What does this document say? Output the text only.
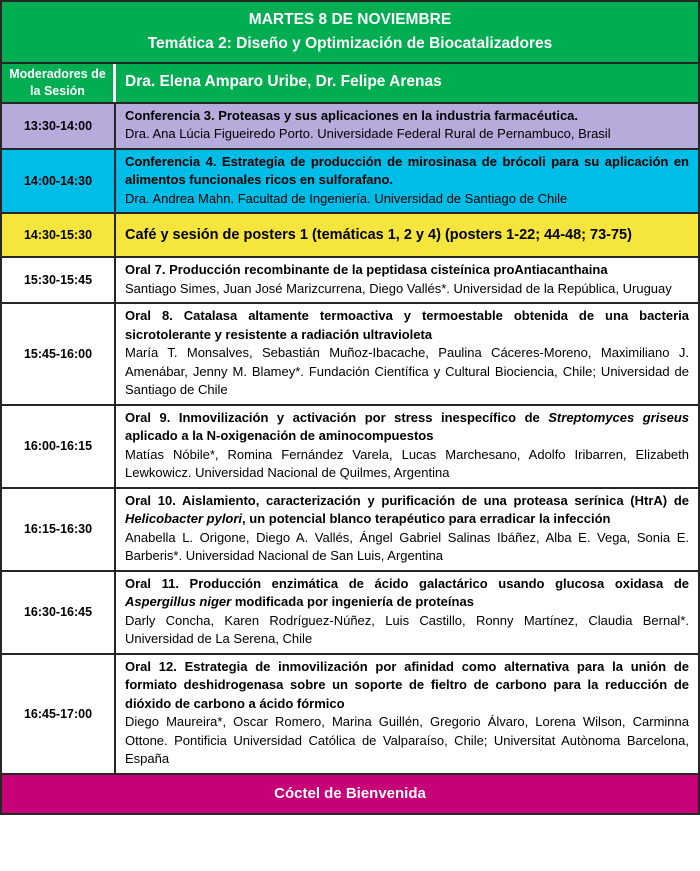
MARTES 8 DE NOVIEMBRE
Temática 2: Diseño y Optimización de Biocatalizadores
Moderadores de la Sesión
Dra. Elena Amparo Uribe, Dr. Felipe Arenas
13:30-14:00
Conferencia 3. Proteasas y sus aplicaciones en la industria farmacéutica.
Dra. Ana Lúcia Figueiredo Porto. Universidade Federal Rural de Pernambuco, Brasil
14:00-14:30
Conferencia 4. Estrategia de producción de mirosinasa de brócoli para su aplicación en alimentos funcionales ricos en sulforafano.
Dra. Andrea Mahn. Facultad de Ingeniería. Universidad de Santiago de Chile
14:30-15:30	Café y sesión de posters 1 (temáticas 1, 2 y 4) (posters 1-22; 44-48; 73-75)
15:30-15:45
Oral 7. Producción recombinante de la peptidasa cisteínica proAntiacanthaina
Santiago Simes, Juan José Marizcurrena, Diego Vallés*. Universidad de la República, Uruguay
15:45-16:00
Oral 8. Catalasa altamente termoactiva y termoestable obtenida de una bacteria sicrotolerante y resistente a radiación ultravioleta
María T. Monsalves, Sebastián Muñoz-Ibacache, Paulina Cáceres-Moreno, Maximiliano J. Amenábar, Jenny M. Blamey*. Fundación Científica y Cultural Biociencia, Chile; Universidad de Santiago de Chile
16:00-16:15
Oral 9. Inmovilización y activación por stress inespecífico de Streptomyces griseus aplicado a la N-oxigenación de aminocompuestos
Matías Nóbile*, Romina Fernández Varela, Lucas Marchesano, Adolfo Iribarren, Elizabeth Lewkowicz. Universidad Nacional de Quilmes, Argentina
16:15-16:30
Oral 10. Aislamiento, caracterización y purificación de una proteasa serínica (HtrA) de Helicobacter pylori, un potencial blanco terapéutico para erradicar la infección
Anabella L. Origone, Diego A. Vallés, Ángel Gabriel Salinas Ibáñez, Alba E. Vega, Sonia E. Barberis*. Universidad Nacional de San Luis, Argentina
16:30-16:45
Oral 11. Producción enzimática de ácido galactárico usando glucosa oxidasa de Aspergillus niger modificada por ingeniería de proteínas
Darly Concha, Karen Rodríguez-Núñez, Luis Castillo, Ronny Martínez, Claudia Bernal*. Universidad de La Serena, Chile
16:45-17:00
Oral 12. Estrategia de inmovilización por afinidad como alternativa para la unión de formiato deshidrogenasa sobre un soporte de fieltro de carbono para la reducción de dióxido de carbono a ácido fórmico
Diego Maureira*, Oscar Romero, Marina Guillén, Gregorio Álvaro, Lorena Wilson, Carminna Ottone. Pontificia Universidad Católica de Valparaíso, Chile; Universitat Autònoma Barcelona, España
Cóctel de Bienvenida
